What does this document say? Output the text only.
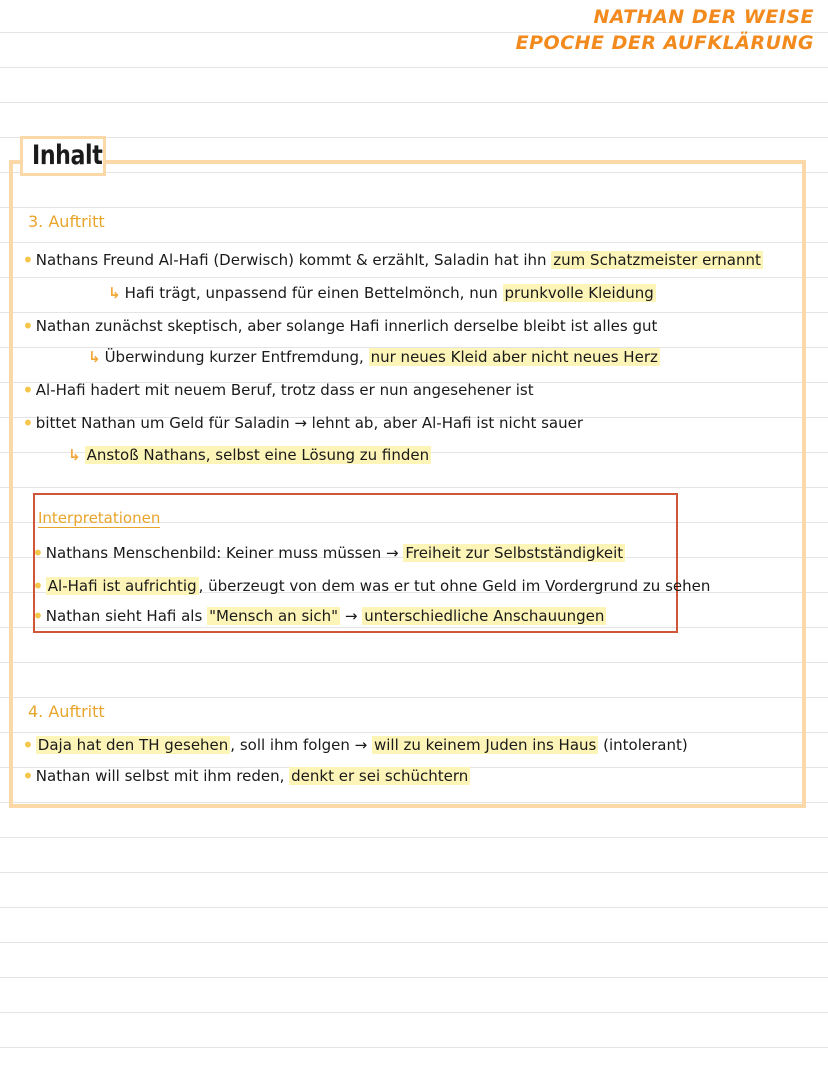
NATHAN DER WEISE
EPOCHE DER AUFKLÄRUNG
Inhalt
3. Auftritt
• Nathans Freund Al-Hafi (Derwisch) kommt & erzählt, Saladin hat ihn zum Schatzmeister ernannt
↳ Hafi trägt, unpassend für einen Bettelmönch, nun prunkvolle Kleidung
• Nathan zunächst skeptisch, aber solange Hafi innerlich derselbe bleibt ist alles gut
↳ Überwindung kurzer Entfremdung, nur neues Kleid aber nicht neues Herz
• Al-Hafi hadert mit neuem Beruf, trotz dass er nun angesehener ist
• bittet Nathan um Geld für Saladin → lehnt ab, aber Al-Hafi ist nicht sauer
↳ Anstoß Nathans, selbst eine Lösung zu finden
Interpretationen
• Nathans Menschenbild: Keiner muss müssen → Freiheit zur Selbstständigkeit
• Al-Hafi ist aufrichtig , überzeugt von dem was er tut ohne Geld im Vordergrund zu sehen
• Nathan sieht Hafi als "Mensch an sich" → unterschiedliche Anschauungen
4. Auftritt
• Daja hat den TH gesehen , soll ihm folgen → will zu keinem Juden ins Haus (intolerant)
• Nathan will selbst mit ihm reden, denkt er sei schüchtern
